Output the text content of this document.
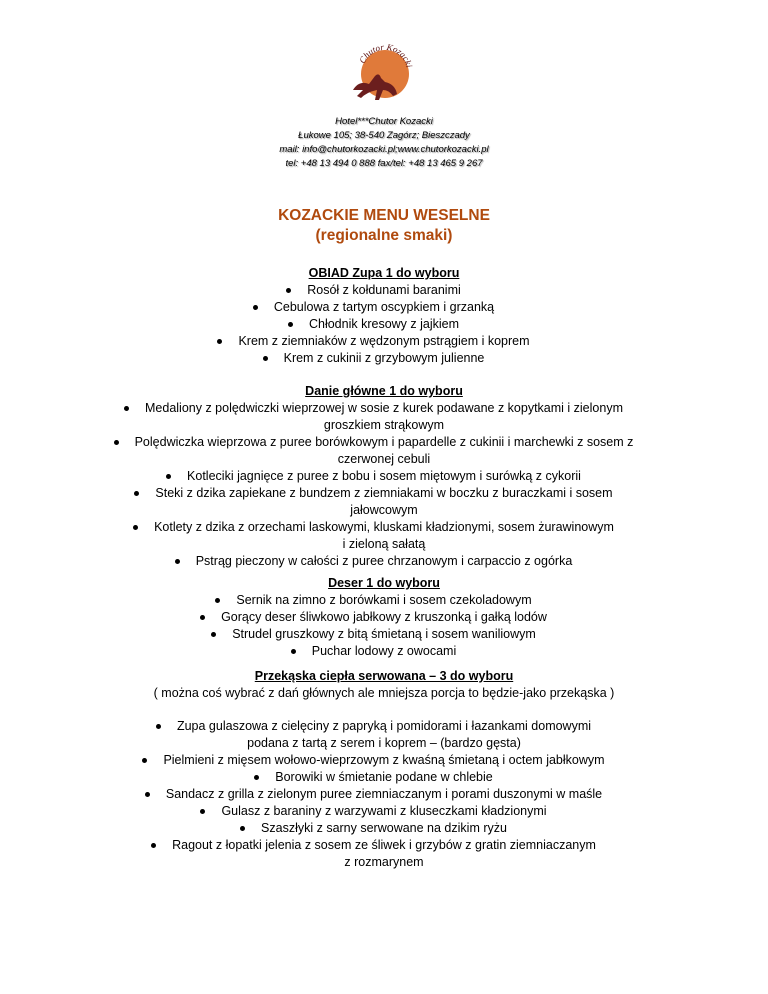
Chutor Kozacki
Hotel***Chutor Kozacki
Łukowe 105; 38-540 Zagórz; Bieszczady
mail: info@chutorkozacki.pl;www.chutorkozacki.pl
tel: +48 13 494 0 888 fax/tel: +48 13 465 9 267
KOZACKIE MENU WESELNE
(regionalne smaki)
OBIAD Zupa 1 do wyboru
Rosół z kołdunami baranimi
Cebulowa z tartym oscypkiem i grzanką
Chłodnik kresowy z jajkiem
Krem z ziemniaków z wędzonym pstrągiem i koprem
Krem z cukinii z grzybowym julienne
Danie główne 1 do wyboru
Medaliony z polędwiczki wieprzowej w sosie z kurek podawane z kopytkami i zielonym
groszkiem strąkowym
Polędwiczka wieprzowa z puree borówkowym i papardelle z cukinii i marchewki z sosem z
czerwonej cebuli
Kotleciki jagnięce z puree z bobu i sosem miętowym i surówką z cykorii
Steki z dzika zapiekane z bundzem z ziemniakami w boczku z buraczkami i sosem
jałowcowym
Kotlety z dzika z orzechami laskowymi, kluskami kładzionymi, sosem żurawinowym
i zieloną sałatą
Pstrąg pieczony w całości z puree chrzanowym i carpaccio z ogórka
Deser 1 do wyboru
Sernik na zimno z borówkami i sosem czekoladowym
Gorący deser śliwkowo jabłkowy z kruszonką i gałką lodów
Strudel gruszkowy z bitą śmietaną i sosem waniliowym
Puchar lodowy z owocami
Przekąska ciepła serwowana – 3 do wyboru
( można coś wybrać z dań głównych ale mniejsza porcja to będzie-jako przekąska )
Zupa gulaszowa z cielęciny z papryką i pomidorami i łazankami domowymi
podana z tartą z serem i koprem – (bardzo gęsta)
Pielmieni z mięsem wołowo-wieprzowym z kwaśną śmietaną i octem jabłkowym
Borowiki w śmietanie podane w chlebie
Sandacz z grilla z zielonym puree ziemniaczanym i porami duszonymi w maśle
Gulasz z baraniny z warzywami z kluseczkami kładzionymi
Szaszłyki z sarny serwowane na dzikim ryżu
Ragout z łopatki jelenia z sosem ze śliwek i grzybów z gratin ziemniaczanym
z rozmarynem
